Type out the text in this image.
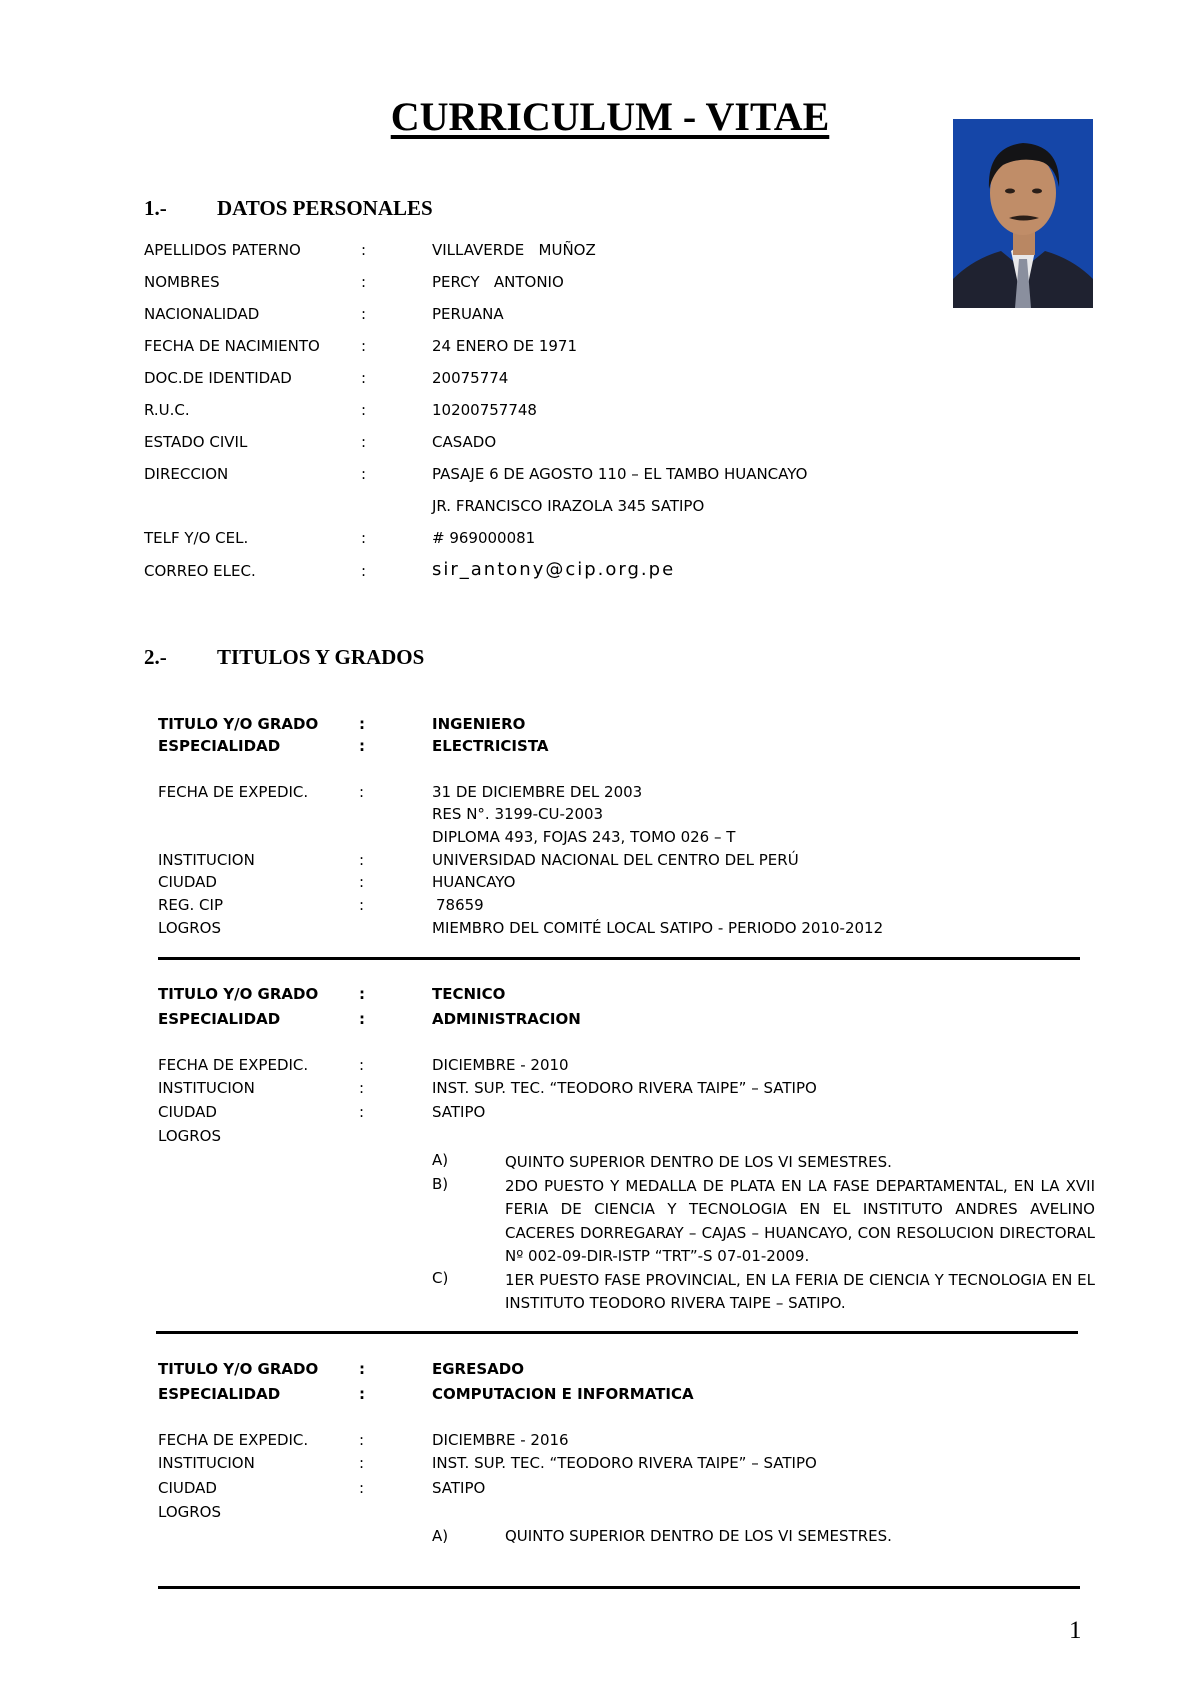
CURRICULUM - VITAE
1.- DATOS PERSONALES
APELLIDOS PATERNO	:	VILLAVERDE   MUÑOZ
NOMBRES	:	PERCY   ANTONIO
NACIONALIDAD	:	PERUANA
FECHA DE NACIMIENTO	:	24 ENERO DE 1971
DOC.DE IDENTIDAD	:	20075774
R.U.C.	:	10200757748
ESTADO CIVIL	:	CASADO
DIRECCION	:	PASAJE 6 DE AGOSTO 110 – EL TAMBO HUANCAYO
JR. FRANCISCO IRAZOLA 345 SATIPO
TELF Y/O CEL.	:	# 969000081
CORREO ELEC.	:	sir_antony@cip.org.pe
2.- TITULOS Y GRADOS
TITULO Y/O GRADO	:	INGENIERO
ESPECIALIDAD	:	ELECTRICISTA
FECHA DE EXPEDIC.	:	31 DE DICIEMBRE DEL 2003
RES N°. 3199-CU-2003
DIPLOMA 493, FOJAS 243, TOMO 026 – T
INSTITUCION	:	UNIVERSIDAD NACIONAL DEL CENTRO DEL PERÚ
CIUDAD	:	HUANCAYO
REG. CIP	:	78659
LOGROS	MIEMBRO DEL COMITÉ LOCAL SATIPO - PERIODO 2010-2012
TITULO Y/O GRADO	:	TECNICO
ESPECIALIDAD	:	ADMINISTRACION
FECHA DE EXPEDIC.	:	DICIEMBRE - 2010
INSTITUCION	:	INST. SUP. TEC. “TEODORO RIVERA TAIPE” – SATIPO
CIUDAD	:	SATIPO
LOGROS
A)	QUINTO SUPERIOR DENTRO DE LOS VI SEMESTRES.
B)	2DO PUESTO Y MEDALLA DE PLATA EN LA FASE DEPARTAMENTAL, EN LA XVII FERIA DE CIENCIA Y TECNOLOGIA EN EL INSTITUTO ANDRES AVELINO CACERES DORREGARAY – CAJAS – HUANCAYO, CON RESOLUCION DIRECTORAL Nº 002-09-DIR-ISTP “TRT”-S 07-01-2009.
C)	1ER PUESTO FASE PROVINCIAL, EN LA FERIA DE CIENCIA Y TECNOLOGIA EN EL INSTITUTO TEODORO RIVERA TAIPE – SATIPO.
TITULO Y/O GRADO	:	EGRESADO
ESPECIALIDAD	:	COMPUTACION E INFORMATICA
FECHA DE EXPEDIC.	:	DICIEMBRE - 2016
INSTITUCION	:	INST. SUP. TEC. “TEODORO RIVERA TAIPE” – SATIPO
CIUDAD	:	SATIPO
LOGROS
A)	QUINTO SUPERIOR DENTRO DE LOS VI SEMESTRES.
1
